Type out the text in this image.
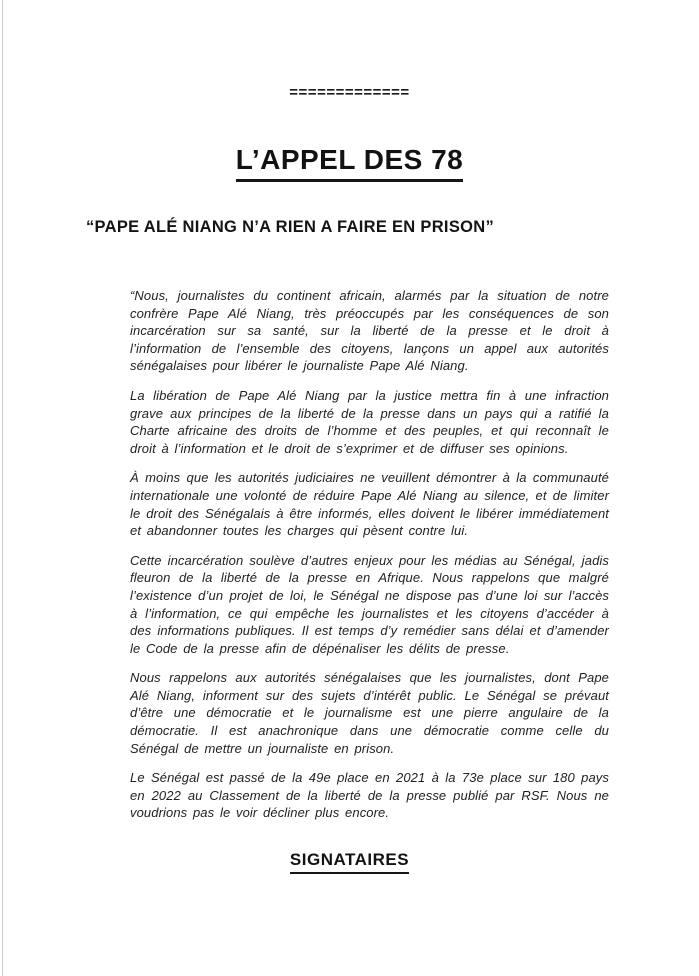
=============
L’APPEL DES 78
“PAPE ALÉ NIANG N’A RIEN A FAIRE EN PRISON”

“Nous, journalistes du continent africain, alarmés par la situation de notre confrère Pape Alé Niang, très préoccupés par les conséquences de son incarcération sur sa santé, sur la liberté de la presse et le droit à l’information de l’ensemble des citoyens, lançons un appel aux autorités sénégalaises pour libérer le journaliste Pape Alé Niang.

La libération de Pape Alé Niang par la justice mettra fin à une infraction grave aux principes de la liberté de la presse dans un pays qui a ratifié la Charte africaine des droits de l’homme et des peuples, et qui reconnaît le droit à l’information et le droit de s’exprimer et de diffuser ses opinions.

À moins que les autorités judiciaires ne veuillent démontrer à la communauté internationale une volonté de réduire Pape Alé Niang au silence, et de limiter le droit des Sénégalais à être informés, elles doivent le libérer immédiatement et abandonner toutes les charges qui pèsent contre lui.

Cette incarcération soulève d’autres enjeux pour les médias au Sénégal, jadis fleuron de la liberté de la presse en Afrique. Nous rappelons que malgré l’existence d’un projet de loi, le Sénégal ne dispose pas d’une loi sur l’accès à l’information, ce qui empêche les journalistes et les citoyens d’accéder à des informations publiques. Il est temps d’y remédier sans délai et d’amender le Code de la presse afin de dépénaliser les délits de presse.

Nous rappelons aux autorités sénégalaises que les journalistes, dont Pape Alé Niang, informent sur des sujets d’intérêt public. Le Sénégal se prévaut d’être une démocratie et le journalisme est une pierre angulaire de la démocratie. Il est anachronique dans une démocratie comme celle du Sénégal de mettre un journaliste en prison.

Le Sénégal est passé de la 49e place en 2021 à la 73e place sur 180 pays en 2022 au Classement de la liberté de la presse publié par RSF. Nous ne voudrions pas le voir décliner plus encore.

SIGNATAIRES
